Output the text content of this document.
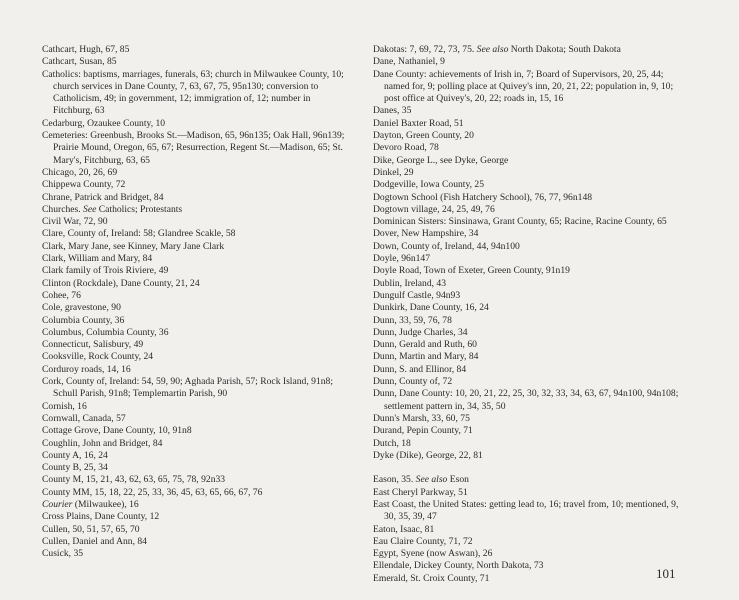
Cathcart, Hugh, 67, 85
Cathcart, Susan, 85
Catholics: baptisms, marriages, funerals, 63; church in Milwaukee County, 10; church services in Dane County, 7, 63, 67, 75, 95n130; conversion to Catholicism, 49; in government, 12; immigration of, 12; number in Fitchburg, 63
Cedarburg, Ozaukee County, 10
Cemeteries: Greenbush, Brooks St.—Madison, 65, 96n135; Oak Hall, 96n139; Prairie Mound, Oregon, 65, 67; Resurrection, Regent St.—Madison, 65; St. Mary's, Fitchburg, 63, 65
Chicago, 20, 26, 69
Chippewa County, 72
Chrane, Patrick and Bridget, 84
Churches. See Catholics; Protestants
Civil War, 72, 90
Clare, County of, Ireland: 58; Glandree Scakle, 58
Clark, Mary Jane, see Kinney, Mary Jane Clark
Clark, William and Mary, 84
Clark family of Trois Riviere, 49
Clinton (Rockdale), Dane County, 21, 24
Cohee, 76
Cole, gravestone, 90
Columbia County, 36
Columbus, Columbia County, 36
Connecticut, Salisbury, 49
Cooksville, Rock County, 24
Corduroy roads, 14, 16
Cork, County of, Ireland: 54, 59, 90; Aghada Parish, 57; Rock Island, 91n8; Schull Parish, 91n8; Templemartin Parish, 90
Cornish, 16
Cornwall, Canada, 57
Cottage Grove, Dane County, 10, 91n8
Coughlin, John and Bridget, 84
County A, 16, 24
County B, 25, 34
County M, 15, 21, 43, 62, 63, 65, 75, 78, 92n33
County MM, 15, 18, 22, 25, 33, 36, 45, 63, 65, 66, 67, 76
Courier (Milwaukee), 16
Cross Plains, Dane County, 12
Cullen, 50, 51, 57, 65, 70
Cullen, Daniel and Ann, 84
Cusick, 35
Dakotas: 7, 69, 72, 73, 75. See also North Dakota; South Dakota
Dane, Nathaniel, 9
Dane County: achievements of Irish in, 7; Board of Supervisors, 20, 25, 44; named for, 9; polling place at Quivey's inn, 20, 21, 22; population in, 9, 10; post office at Quivey's, 20, 22; roads in, 15, 16
Danes, 35
Daniel Baxter Road, 51
Dayton, Green County, 20
Devoro Road, 78
Dike, George L., see Dyke, George
Dinkel, 29
Dodgeville, Iowa County, 25
Dogtown School (Fish Hatchery School), 76, 77, 96n148
Dogtown village, 24, 25, 49, 76
Dominican Sisters: Sinsinawa, Grant County, 65; Racine, Racine County, 65
Dover, New Hampshire, 34
Down, County of, Ireland, 44, 94n100
Doyle, 96n147
Doyle Road, Town of Exeter, Green County, 91n19
Dublin, Ireland, 43
Dungulf Castle, 94n93
Dunkirk, Dane County, 16, 24
Dunn, 33, 59, 76, 78
Dunn, Judge Charles, 34
Dunn, Gerald and Ruth, 60
Dunn, Martin and Mary, 84
Dunn, S. and Ellinor, 84
Dunn, County of, 72
Dunn, Dane County: 10, 20, 21, 22, 25, 30, 32, 33, 34, 63, 67, 94n100, 94n108; settlement pattern in, 34, 35, 50
Dunn's Marsh, 33, 60, 75
Durand, Pepin County, 71
Dutch, 18
Dyke (Dike), George, 22, 81
Eason, 35. See also Eson
East Cheryl Parkway, 51
East Coast, the United States: getting lead to, 16; travel from, 10; mentioned, 9, 30, 35, 39, 47
Eaton, Isaac, 81
Eau Claire County, 71, 72
Egypt, Syene (now Aswan), 26
Ellendale, Dickey County, North Dakota, 73
Emerald, St. Croix County, 71	101
